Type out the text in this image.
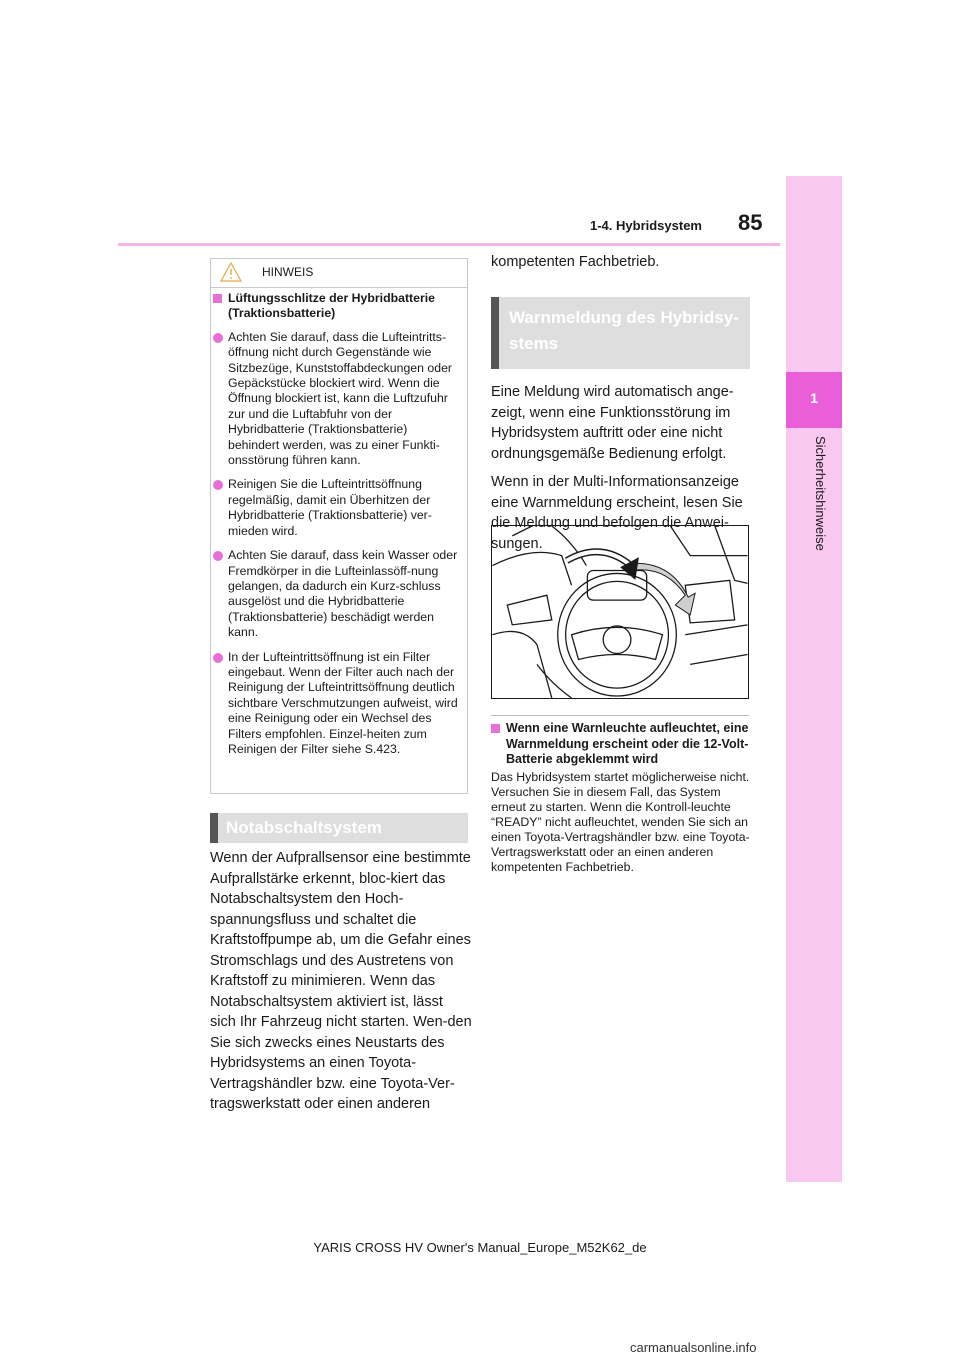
1-4. Hybridsystem 85
1
Sicherheitshinweise
HINWEIS
Lüftungsschlitze der Hybridbatterie (Traktionsbatterie)
Achten Sie darauf, dass die Lufteintritts-öffnung nicht durch Gegenstände wie Sitzbezüge, Kunststoffabdeckungen oder Gepäckstücke blockiert wird. Wenn die Öffnung blockiert ist, kann die Luftzufuhr zur und die Luftabfuhr von der Hybridbatterie (Traktionsbatterie) behindert werden, was zu einer Funkti-onsstörung führen kann.
Reinigen Sie die Lufteintrittsöffnung regelmäßig, damit ein Überhitzen der Hybridbatterie (Traktionsbatterie) ver-mieden wird.
Achten Sie darauf, dass kein Wasser oder Fremdkörper in die Lufteinlassöff-nung gelangen, da dadurch ein Kurz-schluss ausgelöst und die Hybridbatterie (Traktionsbatterie) beschädigt werden kann.
In der Lufteintrittsöffnung ist ein Filter eingebaut. Wenn der Filter auch nach der Reinigung der Lufteintrittsöffnung deutlich sichtbare Verschmutzungen aufweist, wird eine Reinigung oder ein Wechsel des Filters empfohlen. Einzel-heiten zum Reinigen der Filter siehe S.423.
Notabschaltsystem
Wenn der Aufprallsensor eine bestimmte Aufprallstärke erkennt, bloc-kiert das Notabschaltsystem den Hoch-spannungsfluss und schaltet die Kraftstoffpumpe ab, um die Gefahr eines Stromschlags und des Austretens von Kraftstoff zu minimieren. Wenn das Notabschaltsystem aktiviert ist, lässt sich Ihr Fahrzeug nicht starten. Wen-den Sie sich zwecks eines Neustarts des Hybridsystems an einen Toyota-Vertragshändler bzw. eine Toyota-Ver-tragswerkstatt oder einen anderen
kompetenten Fachbetrieb.
Warnmeldung des Hybridsy-stems

Eine Meldung wird automatisch ange-zeigt, wenn eine Funktionsstörung im Hybridsystem auftritt oder eine nicht ordnungsgemäße Bedienung erfolgt.

Wenn in der Multi-Informationsanzeige eine Warnmeldung erscheint, lesen Sie die Meldung und befolgen die Anwei-sungen.

Wenn eine Warnleuchte aufleuchtet, eine Warnmeldung erscheint oder die 12-Volt-Batterie abgeklemmt wird
Das Hybridsystem startet möglicherweise nicht. Versuchen Sie in diesem Fall, das System erneut zu starten. Wenn die Kontroll-leuchte “READY” nicht aufleuchtet, wenden Sie sich an einen Toyota-Vertragshändler bzw. eine Toyota-Vertragswerkstatt oder an einen anderen kompetenten Fachbetrieb.
YARIS CROSS HV Owner's Manual_Europe_M52K62_de
carmanualsonline.info
